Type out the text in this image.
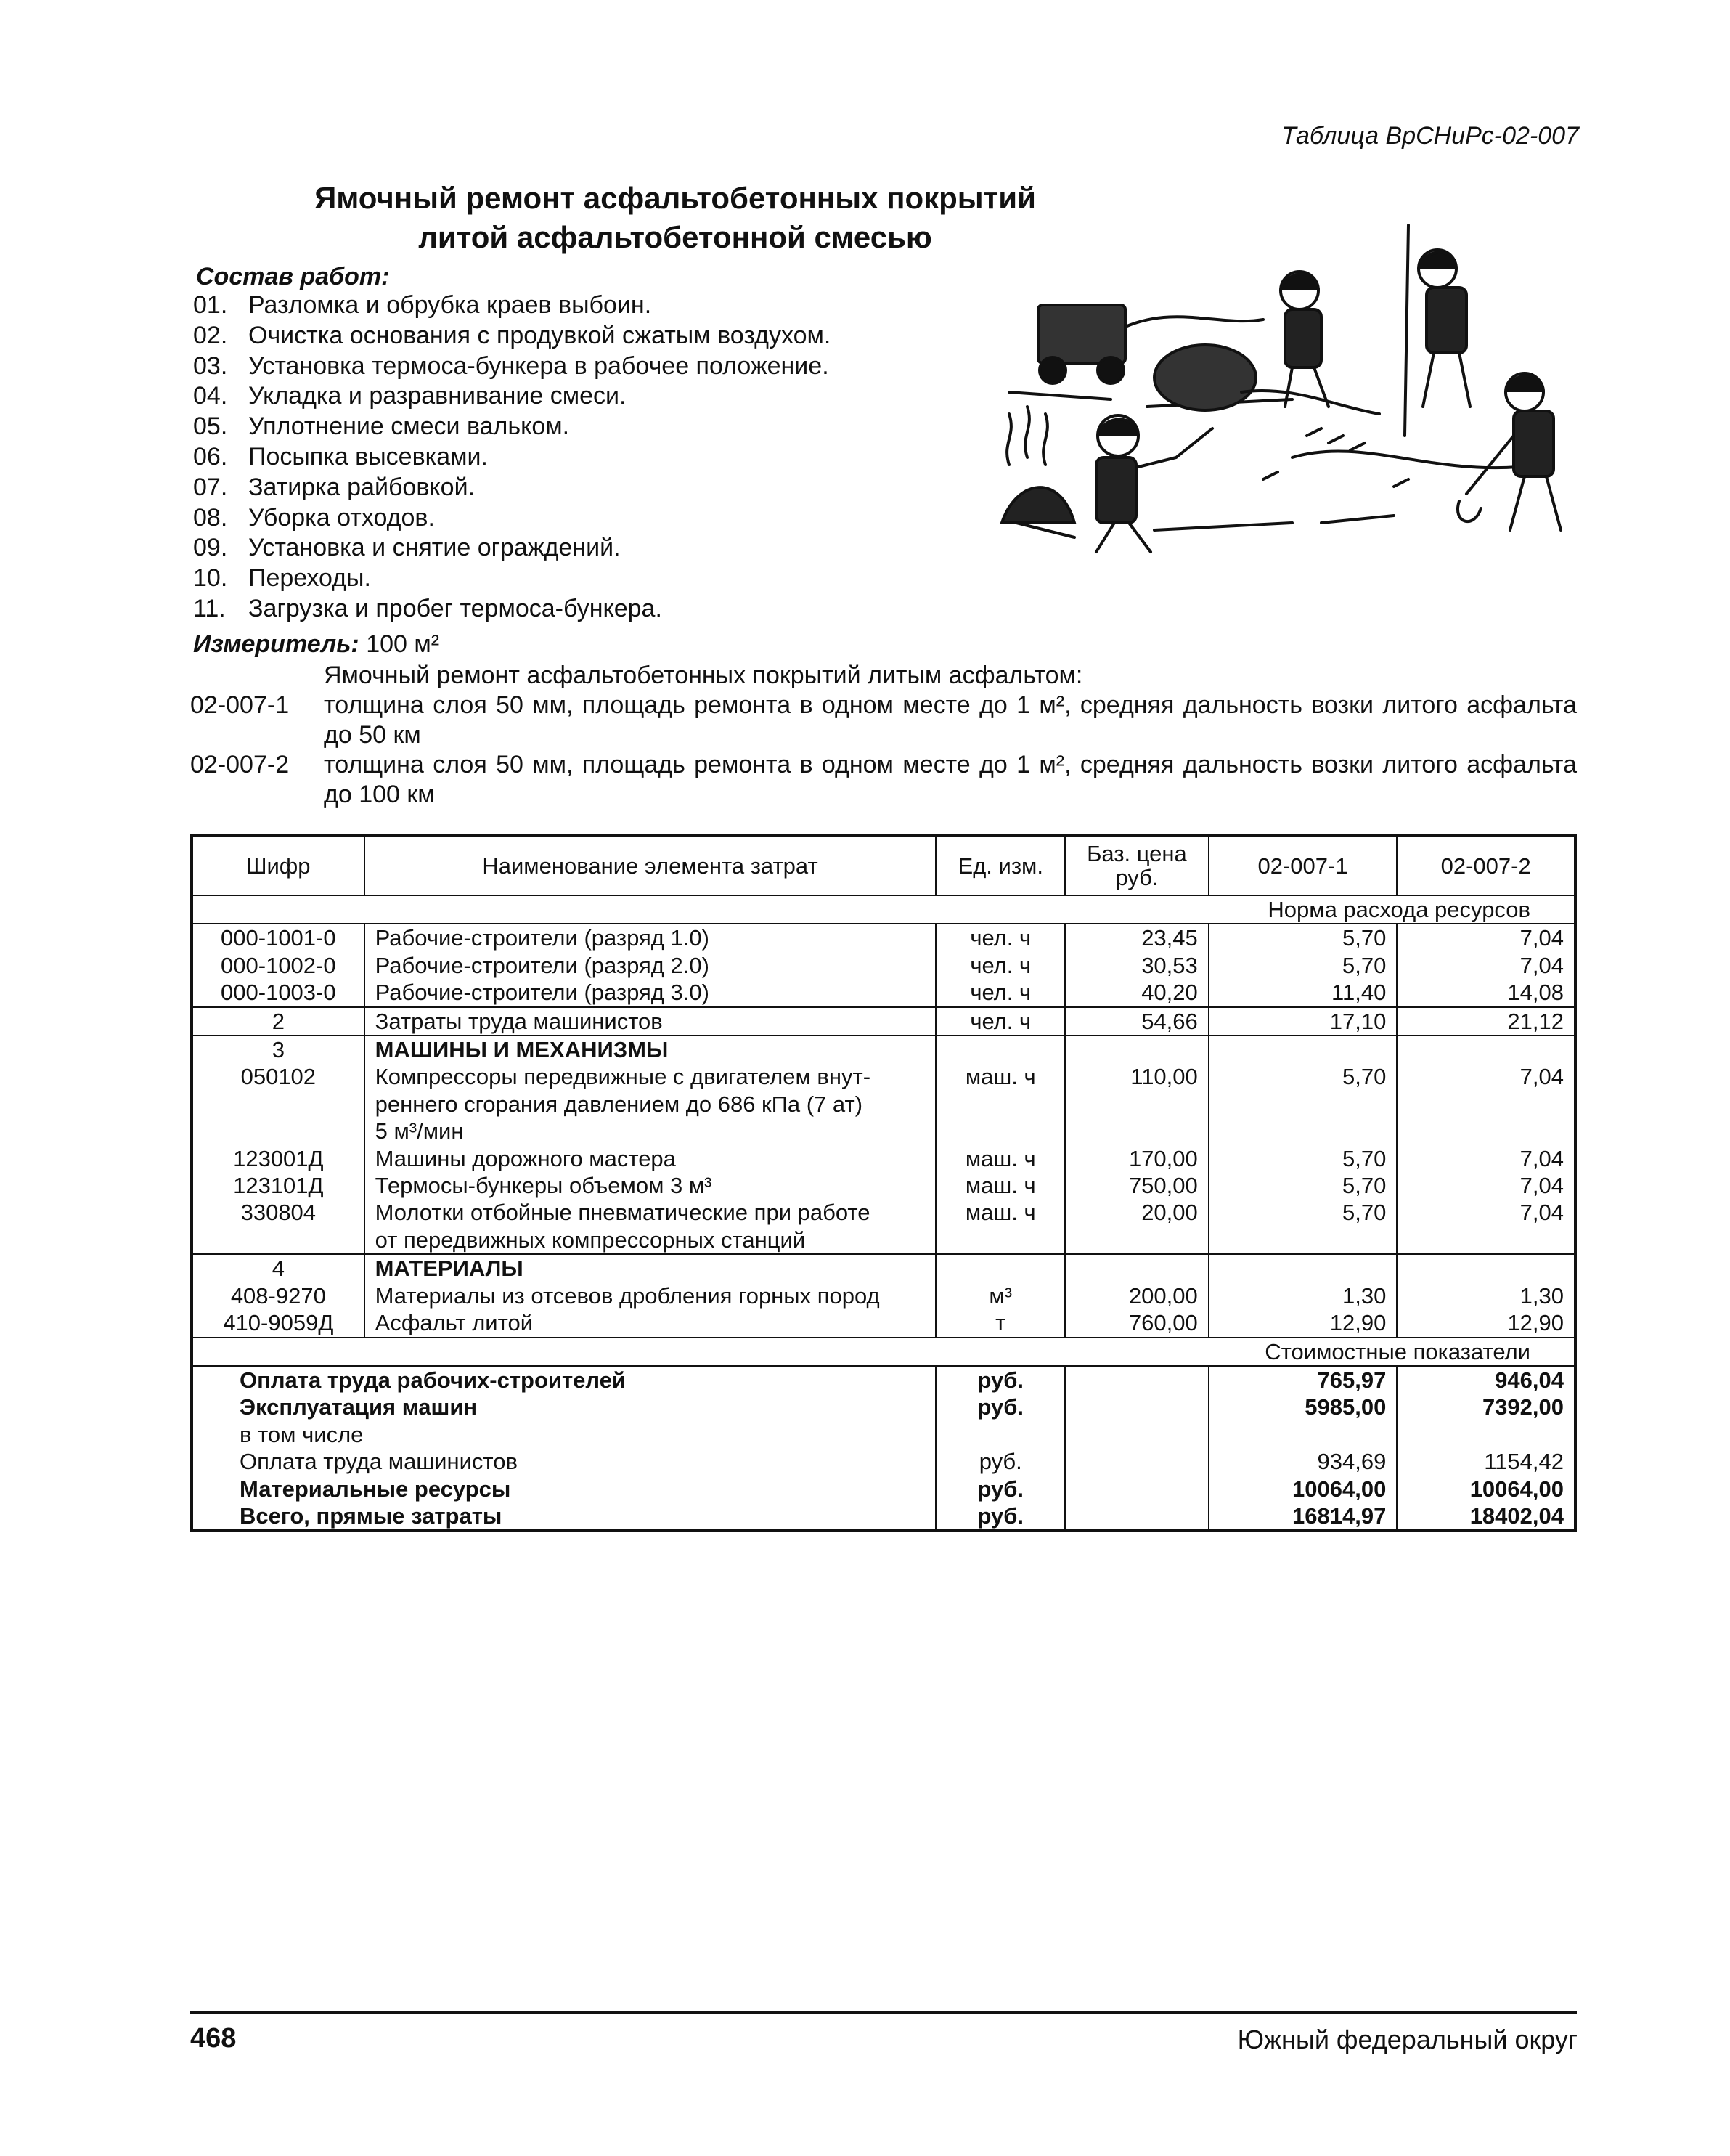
Таблица ВрСНиРс-02-007
Ямочный ремонт асфальтобетонных покрытий
литой асфальтобетонной смесью
Состав работ:
01. Разломка и обрубка краев выбоин.
02. Очистка основания с продувкой сжатым воздухом.
03. Установка термоса-бункера в рабочее положение.
04. Укладка и разравнивание смеси.
05. Уплотнение смеси вальком.
06. Посыпка высевками.
07. Затирка райбовкой.
08. Уборка отходов.
09. Установка и снятие ограждений.
10. Переходы.
11. Загрузка и пробег термоса-бункера.
Измеритель: 100 м²
Ямочный ремонт асфальтобетонных покрытий литым асфальтом:
02-007-1	толщина слоя 50 мм, площадь ремонта в одном месте до 1 м², средняя дальность возки литого асфальта до 50 км
02-007-2	толщина слоя 50 мм, площадь ремонта в одном месте до 1 м², средняя дальность возки литого асфальта до 100 км
Шифр	Наименование элемента затрат	Ед. изм.	Баз. цена руб.	02-007-1	02-007-2
Норма расхода ресурсов					
000-1001-0	Рабочие-строители (разряд 1.0)	чел. ч	23,45	5,70	7,04
000-1002-0	Рабочие-строители (разряд 2.0)	чел. ч	30,53	5,70	7,04
000-1003-0	Рабочие-строители (разряд 3.0)	чел. ч	40,20	11,40	14,08
2	Затраты труда машинистов	чел. ч	54,66	17,10	21,12
3	МАШИНЫ И МЕХАНИЗМЫ				
050102	Компрессоры передвижные с двигателем внут-
реннего сгорания давлением до 686 кПа (7 ат)
5 м³/мин	маш. ч	110,00	5,70	7,04
123001Д	Машины дорожного мастера	маш. ч	170,00	5,70	7,04
123101Д	Термосы-бункеры объемом 3 м³	маш. ч	750,00	5,70	7,04
330804	Молотки отбойные пневматические при работе
от передвижных компрессорных станций	маш. ч	20,00	5,70	7,04
4	МАТЕРИАЛЫ				
408-9270	Материалы из отсевов дробления горных пород	м³	200,00	1,30	1,30
410-9059Д	Асфальт литой	т	760,00	12,90	12,90
Стоимостные показатели					
Оплата труда рабочих-строителей		руб.		765,97	946,04
Эксплуатация машин		руб.		5985,00	7392,00
в том числе					
Оплата труда машинистов		руб.		934,69	1154,42
Материальные ресурсы		руб.		10064,00	10064,00
Всего, прямые затраты		руб.		16814,97	18402,04
468	Южный федеральный округ
